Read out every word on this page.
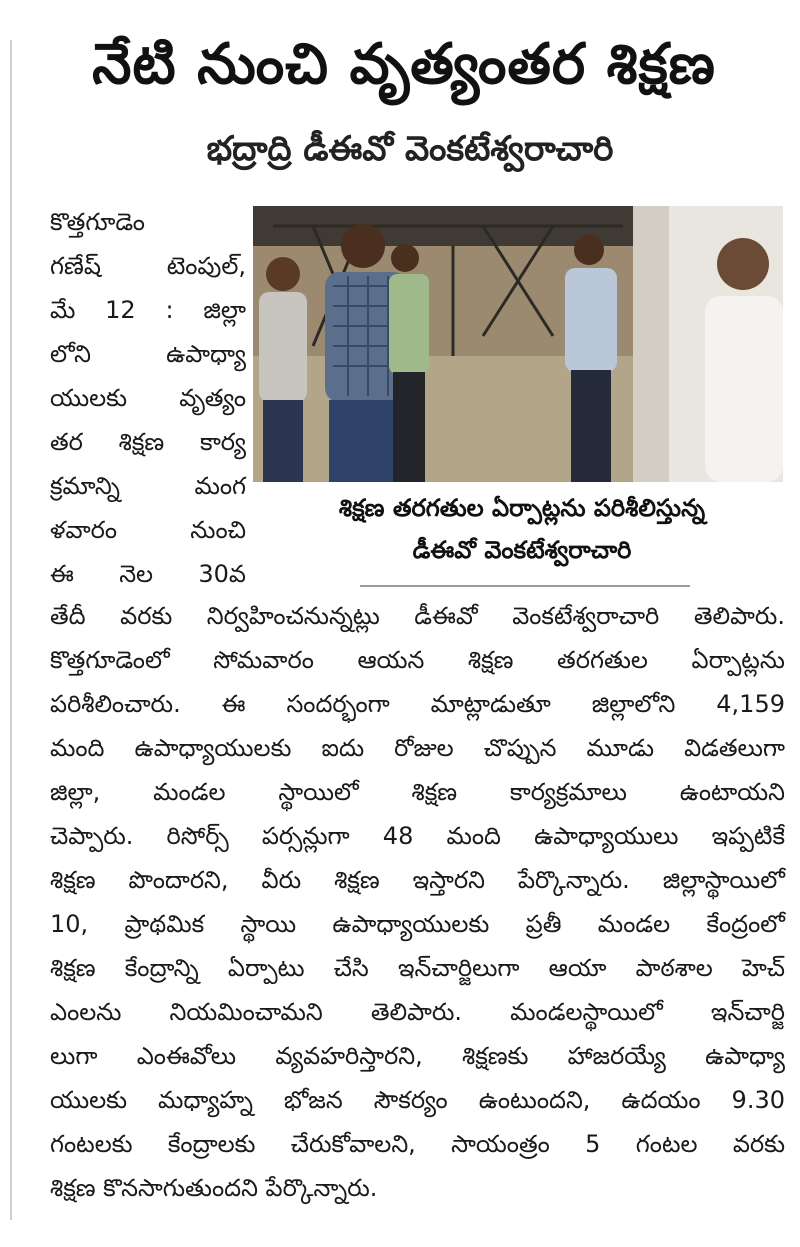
నేటి నుంచి వృత్యంతర శిక్షణ
భద్రాద్రి డీఈవో వెంకటేశ్వరాచారి
కొత్తగూడెం
గణేష్ టెంపుల్,
మే 12 : జిల్లా
లోని ఉపాధ్యా
యులకు వృత్యం
తర శిక్షణ కార్య
క్రమాన్ని మంగ
ళవారం నుంచి
ఈ నెల 30వ
శిక్షణ తరగతుల ఏర్పాట్లను పరిశీలిస్తున్న
డీఈవో వెంకటేశ్వరాచారి
తేదీ వరకు నిర్వహించనున్నట్లు డీఈవో వెంకటేశ్వరాచారి తెలిపారు.
కొత్తగూడెంలో సోమవారం ఆయన శిక్షణ తరగతుల ఏర్పాట్లను
పరిశీలించారు. ఈ సందర్భంగా మాట్లాడుతూ జిల్లాలోని 4,159
మంది ఉపాధ్యాయులకు ఐదు రోజుల చొప్పున మూడు విడతలుగా
జిల్లా, మండల స్థాయిలో శిక్షణ కార్యక్రమాలు ఉంటాయని
చెప్పారు. రిసోర్స్ పర్సన్లుగా 48 మంది ఉపాధ్యాయులు ఇప్పటికే
శిక్షణ పొందారని, వీరు శిక్షణ ఇస్తారని పేర్కొన్నారు. జిల్లాస్థాయిలో
10, ప్రాథమిక స్థాయి ఉపాధ్యాయులకు ప్రతీ మండల కేంద్రంలో
శిక్షణ కేంద్రాన్ని ఏర్పాటు చేసి ఇన్‌చార్జిలుగా ఆయా పాఠశాల హెచ్
ఎంలను నియమించామని తెలిపారు. మండలస్థాయిలో ఇన్‌చార్జి
లుగా ఎంఈవోలు వ్యవహరిస్తారని, శిక్షణకు హాజరయ్యే ఉపాధ్యా
యులకు మధ్యాహ్న భోజన సౌకర్యం ఉంటుందని, ఉదయం 9.30
గంటలకు కేంద్రాలకు చేరుకోవాలని, సాయంత్రం 5 గంటల వరకు
శిక్షణ కొనసాగుతుందని పేర్కొన్నారు.
